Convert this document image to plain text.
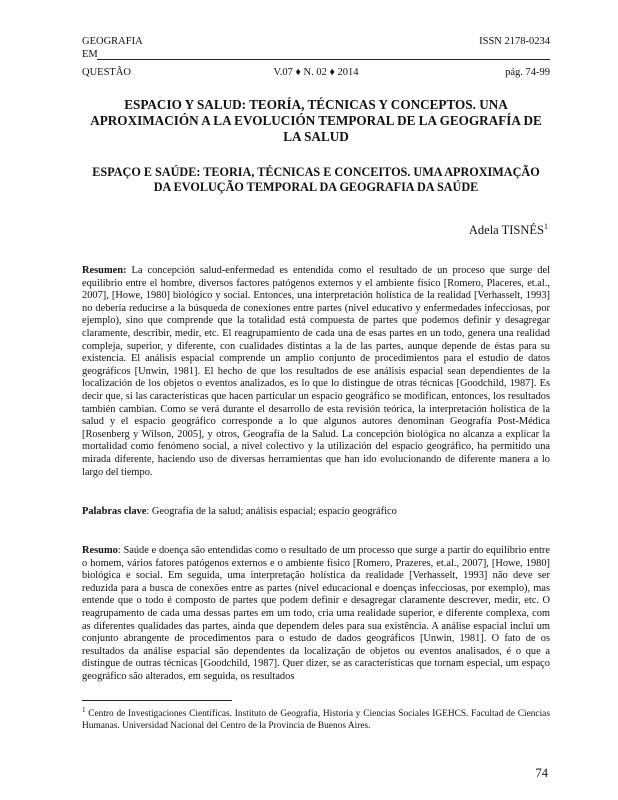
GEOGRAFIA	ISSN 2178-0234
EM
QUESTÃO	V.07 ♦ N. 02 ♦ 2014	pág. 74-99
ESPACIO Y SALUD: TEORÍA, TÉCNICAS Y CONCEPTOS. UNA APROXIMACIÓN A LA EVOLUCIÓN TEMPORAL DE LA GEOGRAFÍA DE LA SALUD
ESPAÇO E SAÚDE: TEORIA, TÉCNICAS E CONCEITOS. UMA APROXIMAÇÃO DA EVOLUÇÃO TEMPORAL DA GEOGRAFIA DA SAÚDE
Adela TISNÉS$^1$

Resumen: La concepción salud-enfermedad es entendida como el resultado de un proceso que surge del equilibrio entre el hombre, diversos factores patógenos externos y el ambiente físico [Romero, Placeres, et.al., 2007], [Howe, 1980] biológico y social. Entonces, una interpretación holística de la realidad [Verhasselt, 1993] no debería reducirse a la búsqueda de conexiones entre partes (nivel educativo y enfermedades infecciosas, por ejemplo), sino que comprende que la totalidad está compuesta de partes que podemos definir y desagregar claramente, describir, medir, etc. El reagrupamiento de cada una de esas partes en un todo, genera una realidad compleja, superior, y diferente, con cualidades distintas a la de las partes, aunque depende de éstas para su existencia. El análisis espacial comprende un amplio conjunto de procedimientos para el estudio de datos geográficos [Unwin, 1981]. El hecho de que los resultados de ese análisis espacial sean dependientes de la localización de los objetos o eventos analizados, es lo que lo distingue de otras técnicas [Goodchild, 1987]. Es decir que, si las características que hacen particular un espacio geográfico se modifican, entonces, los resultados también cambian. Como se verá durante el desarrollo de esta revisión teórica, la interpretación holística de la salud y el espacio geográfico corresponde a lo que algunos autores denominan Geografía Post-Médica [Rosenberg y Wilson, 2005], y otros, Geografía de la Salud. La concepción biológica no alcanza a explicar la mortalidad como fenómeno social, a nivel colectivo y la utilización del espacio geográfico, ha permitido una mirada diferente, haciendo uso de diversas herramientas que han ido evolucionando de diferente manera a lo largo del tiempo.

Palabras clave: Geografía de la salud; análisis espacial; espacio geográfico

Resumo: Saúde e doença são entendidas como o resultado de um processo que surge a partir do equilíbrio entre o homem, vários fatores patógenos externos e o ambiente físico [Romero, Prazeres, et.al., 2007], [Howe, 1980] biológica e social. Em seguida, uma interpretação holística da realidade [Verhasselt, 1993] não deve ser reduzida para a busca de conexões entre as partes (nível educacional e doenças infecciosas, por exemplo), mas entende que o todo é composto de partes que podem definir e desagregar claramente descrever, medir, etc. O reagrupamento de cada uma dessas partes em um todo, cria uma realidade superior, e diferente complexa, com as diferentes qualidades das partes, ainda que dependem deles para sua existência. A análise espacial inclui um conjunto abrangente de procedimentos para o estudo de dados geográficos [Unwin, 1981]. O fato de os resultados da análise espacial são dependentes da localização de objetos ou eventos analisados, é o que a distingue de outras técnicas [Goodchild, 1987]. Quer dizer, se as características que tornam especial, um espaço geográfico são alterados, em seguida, os resultados

$^1$ Centro de Investigaciones Científicas. Instituto de Geografía, Historia y Ciencias Sociales IGEHCS. Facultad de Ciencias Humanas. Universidad Nacional del Centro de la Provincia de Buenos Aires.
74
